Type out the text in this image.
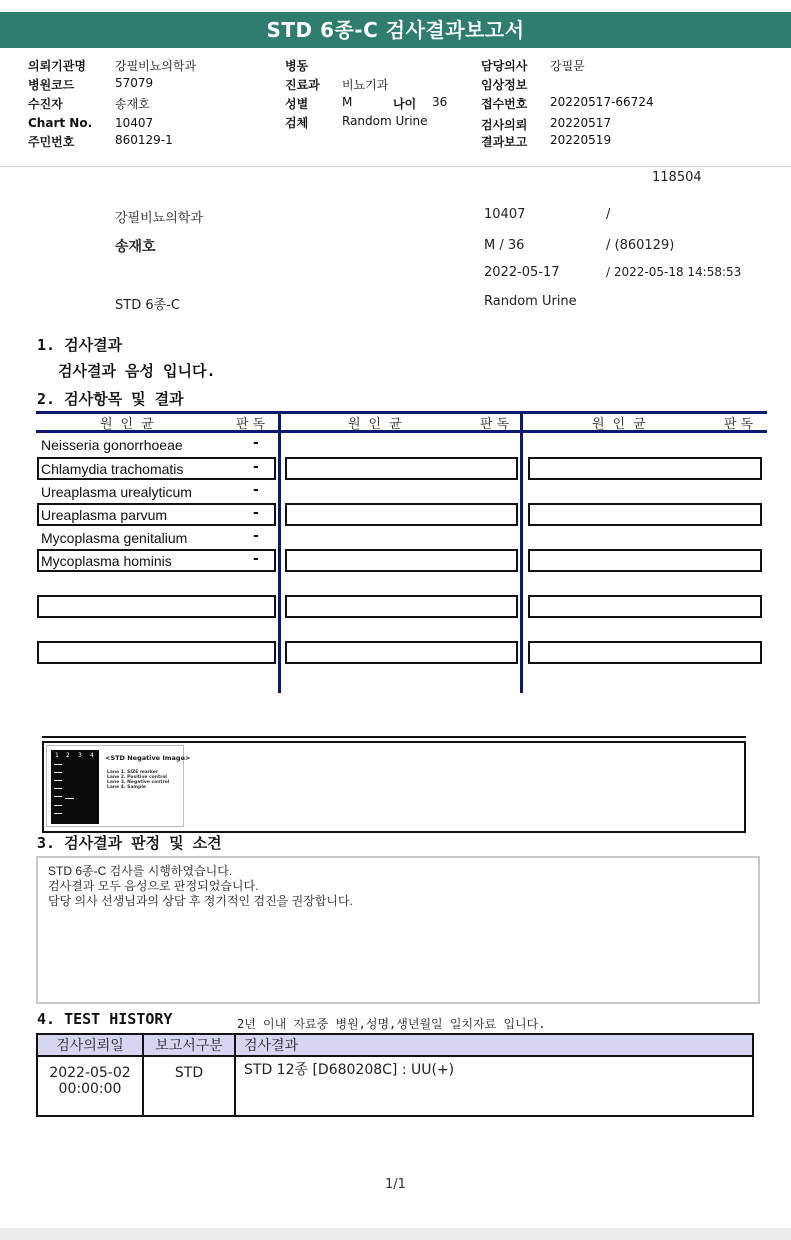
STD 6종-C 검사결과보고서
의뢰기관명 강필비뇨의학과
병원코드	57079
수진자	송재호
Chart No. 10407
주민번호	860129-1
병동
진료과 비뇨기과
성별	M	나이 36
검체	Random Urine
담당의사 강필문
임상정보
접수번호 20220517-66724
검사의뢰 20220517
결과보고 20220519
118504
강필비뇨의학과	10407	/
송재호	M / 36	/ (860129)
2022-05-17	/ 2022-05-18 14:58:53
STD 6종-C	Random Urine
1. 검사결과
검사결과 음성 입니다.
2. 검사항목 및 결과
원인균	판독	원인균	판독	원인균	판독
Neisseria gonorrhoeae	-
Chlamydia trachomatis	-
Ureaplasma urealyticum	-
Ureaplasma parvum	-
Mycoplasma genitalium	-
Mycoplasma hominis	-
1 2 3 4 <STD Negative Image>
Lane 1. SIZE marker
Lane 2. Positive control
Lane 3. Negative control
Lane 4. Sample
3. 검사결과 판정 및 소견
STD 6종-C 검사를 시행하였습니다.
검사결과 모두 음성으로 판정되었습니다.
담당 의사 선생님과의 상담 후 정기적인 검진을 권장합니다.
4. TEST HISTORY	2년 이내 자료중 병원,성명,생년월일 일치자료 입니다.
검사의뢰일	보고서구분	검사결과

2022-05-02
00:00:00	STD	STD 12종 [D680208C] : UU(+)
1/1
